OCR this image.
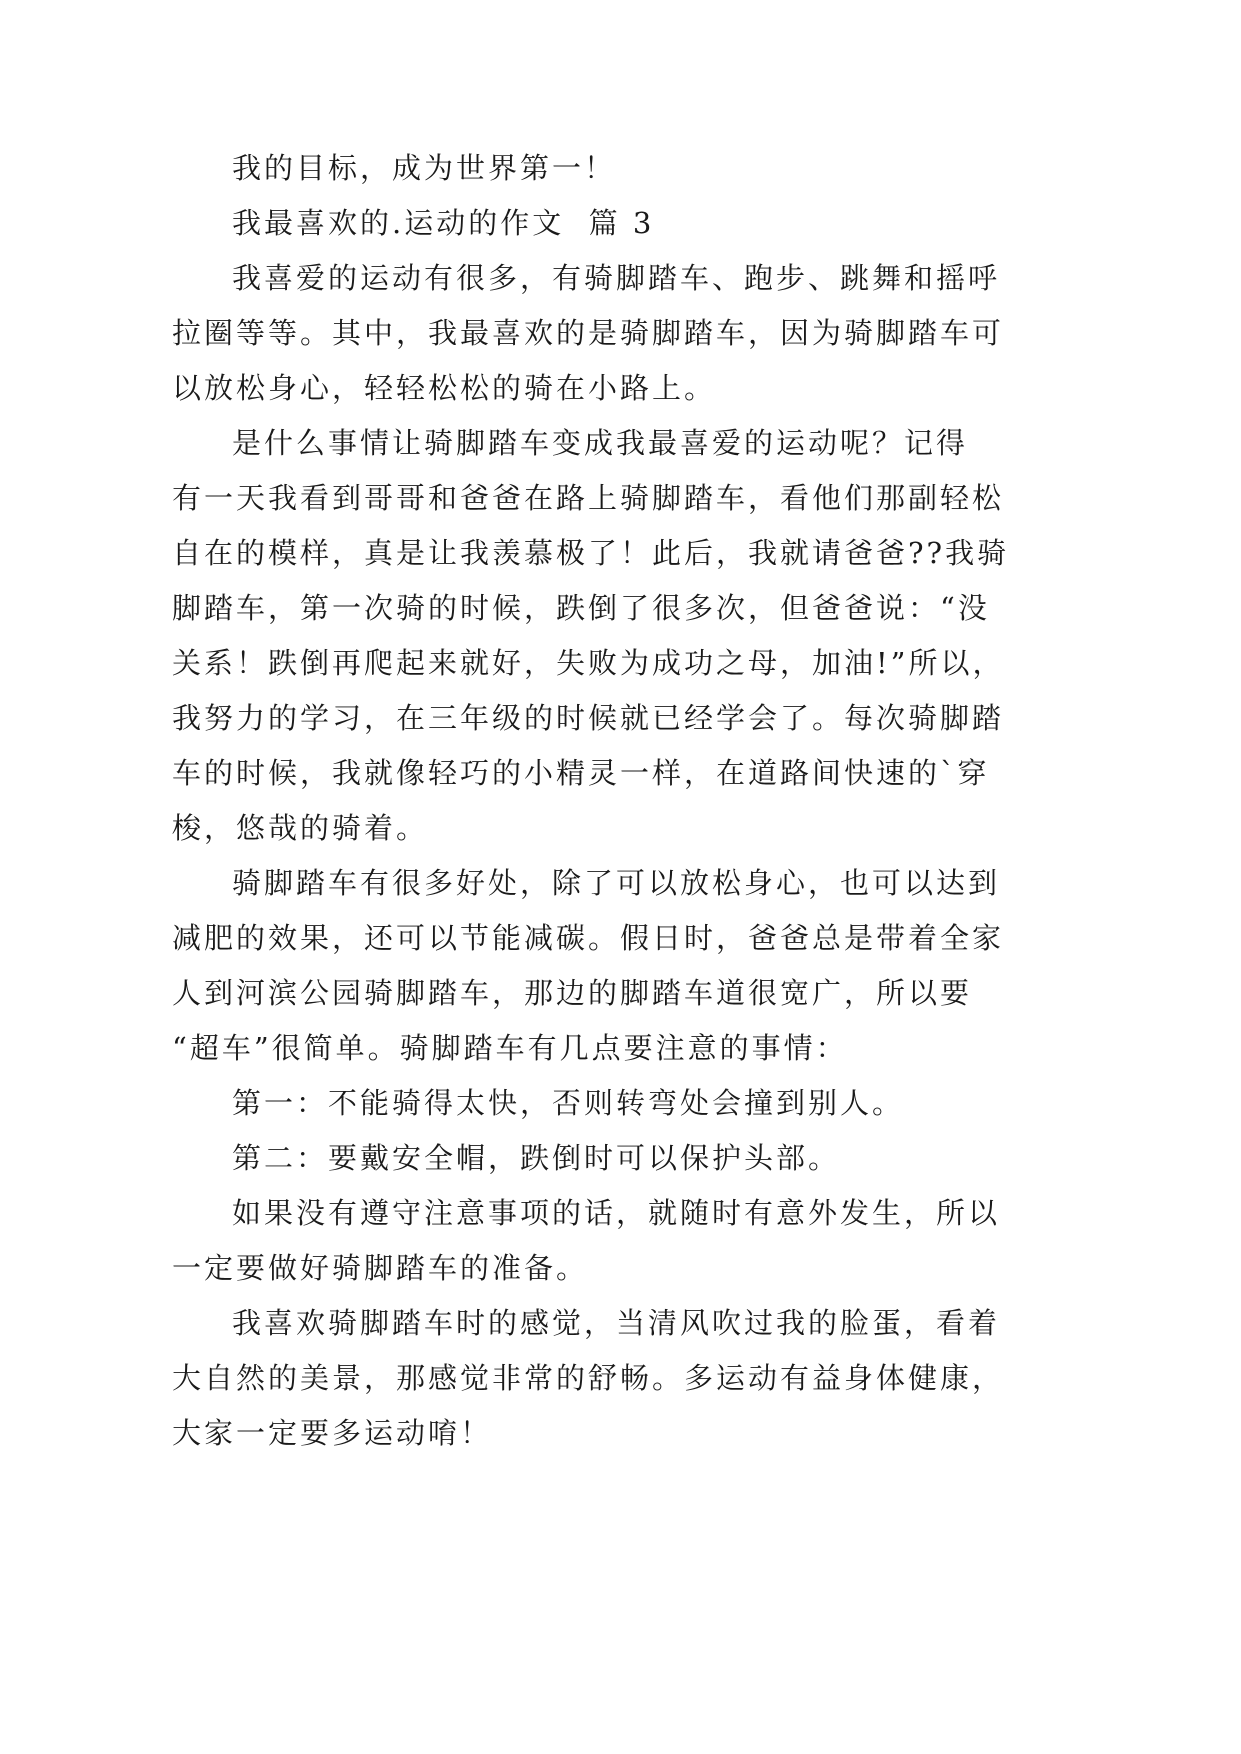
我的目标，成为世界第一！
我最喜欢的.运动的作文  篇 3
我喜爱的运动有很多，有骑脚踏车、跑步、跳舞和摇呼
拉圈等等。其中，我最喜欢的是骑脚踏车，因为骑脚踏车可
以放松身心，轻轻松松的骑在小路上。
是什么事情让骑脚踏车变成我最喜爱的运动呢？记得
有一天我看到哥哥和爸爸在路上骑脚踏车，看他们那副轻松
自在的模样，真是让我羡慕极了！此后，我就请爸爸??我骑
脚踏车，第一次骑的时候，跌倒了很多次，但爸爸说：“没
关系！跌倒再爬起来就好，失败为成功之母，加油!”所以，
我努力的学习，在三年级的时候就已经学会了。每次骑脚踏
车的时候，我就像轻巧的小精灵一样，在道路间快速的`穿
梭，悠哉的骑着。
骑脚踏车有很多好处，除了可以放松身心，也可以达到
减肥的效果，还可以节能减碳。假日时，爸爸总是带着全家
人到河滨公园骑脚踏车，那边的脚踏车道很宽广，所以要
“超车”很简单。骑脚踏车有几点要注意的事情：
第一：不能骑得太快，否则转弯处会撞到别人。
第二：要戴安全帽，跌倒时可以保护头部。
如果没有遵守注意事项的话，就随时有意外发生，所以
一定要做好骑脚踏车的准备。
我喜欢骑脚踏车时的感觉，当清风吹过我的脸蛋，看着
大自然的美景，那感觉非常的舒畅。多运动有益身体健康，
大家一定要多运动唷！
